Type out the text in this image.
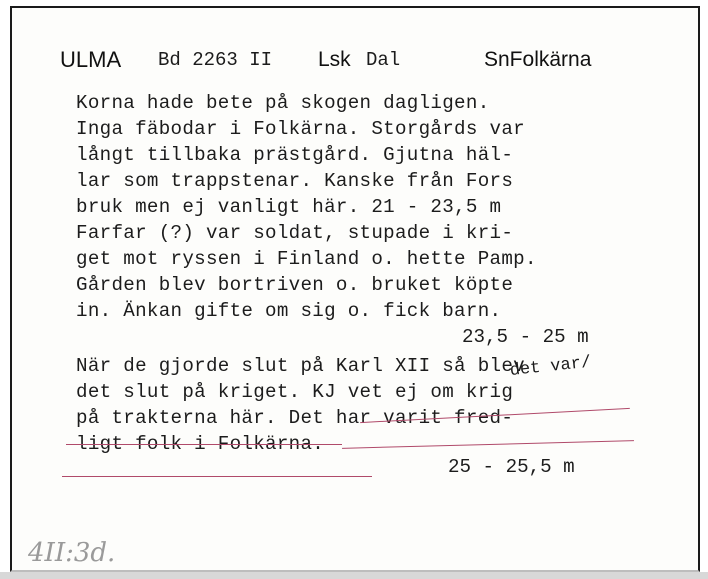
ULMA Bd 2263 II Lsk Dal	SnFolkärna
Korna hade bete på skogen dagligen.
Inga fäbodar i Folkärna. Storgårds var
långt tillbaka prästgård. Gjutna häl-
lar som trappstenar. Kanske från Fors
bruk men ej vanligt här. 21 - 23,5 m
Farfar (?) var soldat, stupade i kri-
get mot ryssen i Finland o. hette Pamp.
Gården blev bortriven o. bruket köpte
in. Änkan gifte om sig o. fick barn.
23,5 - 25 m
När de gjorde slut på Karl XII så blev
det slut på kriget. KJ vet ej om krig
på trakterna här. Det har varit fred-
ligt folk i Folkärna.
det var/
25 - 25,5 m
4II:3d.
